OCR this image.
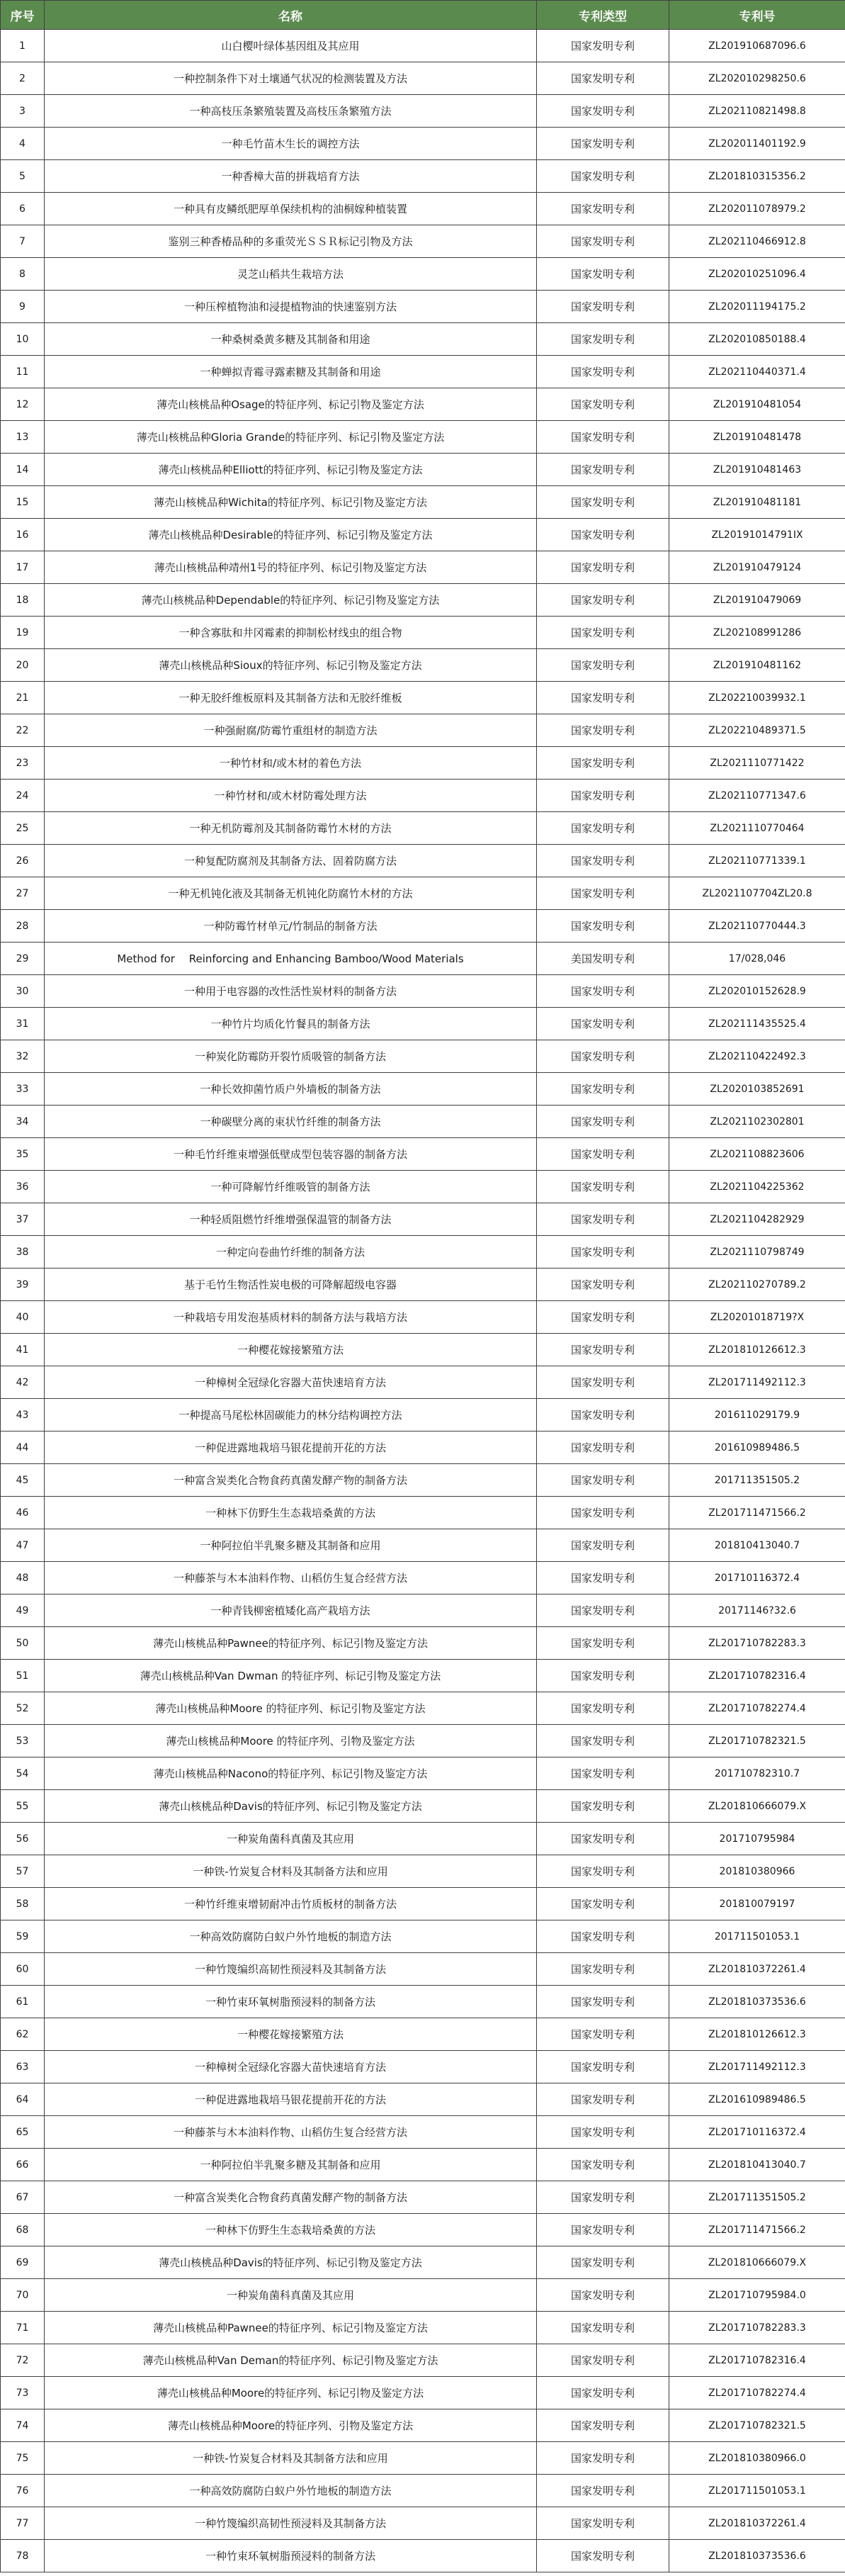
序号	名称	专利类型	专利号
1	山白樱叶绿体基因组及其应用	国家发明专利	ZL201910687096.6
2	一种控制条件下对土壤通气状况的检测装置及方法	国家发明专利	ZL202010298250.6
3	一种高枝压条繁殖装置及高枝压条繁殖方法	国家发明专利	ZL202110821498.8
4	一种毛竹苗木生长的调控方法	国家发明专利	ZL202011401192.9
5	一种香樟大苗的拼栽培育方法	国家发明专利	ZL201810315356.2
6	一种具有皮鳞纸肥厚单保续机构的油桐嫁种植装置	国家发明专利	ZL202011078979.2
7	鉴别三种香椿品种的多重荧光ＳＳＲ标记引物及方法	国家发明专利	ZL202110466912.8
8	灵芝山稻共生栽培方法	国家发明专利	ZL202010251096.4
9	一种压榨植物油和浸提植物油的快速鉴别方法	国家发明专利	ZL202011194175.2
10	一种桑树桑黄多糖及其制备和用途	国家发明专利	ZL202010850188.4
11	一种蝉拟青霉寻露素糖及其制备和用途	国家发明专利	ZL202110440371.4
12	薄壳山核桃品种Osage的特征序列、标记引物及鉴定方法	国家发明专利	ZL201910481054
13	薄壳山核桃品种Gloria Grande的特征序列、标记引物及鉴定方法	国家发明专利	ZL201910481478
14	薄壳山核桃品种Elliott的特征序列、标记引物及鉴定方法	国家发明专利	ZL201910481463
15	薄壳山核桃品种Wichita的特征序列、标记引物及鉴定方法	国家发明专利	ZL201910481181
16	薄壳山核桃品种Desirable的特征序列、标记引物及鉴定方法	国家发明专利	ZL20191014791IX
17	薄壳山核桃品种靖州1号的特征序列、标记引物及鉴定方法	国家发明专利	ZL201910479124
18	薄壳山核桃品种Dependable的特征序列、标记引物及鉴定方法	国家发明专利	ZL201910479069
19	一种含寡肽和井冈霉素的抑制松材线虫的组合物	国家发明专利	ZL202108991286
20	薄壳山核桃品种Sioux的特征序列、标记引物及鉴定方法	国家发明专利	ZL201910481162
21	一种无胶纤维板原料及其制备方法和无胶纤维板	国家发明专利	ZL202210039932.1
22	一种强耐腐/防霉竹重组材的制造方法	国家发明专利	ZL202210489371.5
23	一种竹材和/或木材的着色方法	国家发明专利	ZL2021110771422
24	一种竹材和/或木材防霉处理方法	国家发明专利	ZL202110771347.6
25	一种无机防霉剂及其制备防霉竹木材的方法	国家发明专利	ZL2021110770464
26	一种复配防腐剂及其制备方法、固着防腐方法	国家发明专利	ZL202110771339.1
27	一种无机钝化液及其制备无机钝化防腐竹木材的方法	国家发明专利	ZL2021107704ZL20.8
28	一种防霉竹材单元/竹制品的制备方法	国家发明专利	ZL202110770444.3
29	Method for　 Reinforcing and Enhancing Bamboo/Wood Materials	美国发明专利	17/028,046
30	一种用于电容器的改性活性炭材料的制备方法	国家发明专利	ZL202010152628.9
31	一种竹片均质化竹餐具的制备方法	国家发明专利	ZL202111435525.4
32	一种炭化防霉防开裂竹质吸管的制备方法	国家发明专利	ZL202110422492.3
33	一种长效抑菌竹质户外墙板的制备方法	国家发明专利	ZL2020103852691
34	一种碳壁分离的束状竹纤维的制备方法	国家发明专利	ZL2021102302801
35	一种毛竹纤维束增强低壁成型包装容器的制备方法	国家发明专利	ZL2021108823606
36	一种可降解竹纤维吸管的制备方法	国家发明专利	ZL2021104225362
37	一种轻质阻燃竹纤维增强保温管的制备方法	国家发明专利	ZL2021104282929
38	一种定向卷曲竹纤维的制备方法	国家发明专利	ZL2021110798749
39	基于毛竹生物活性炭电极的可降解超级电容器	国家发明专利	ZL202110270789.2
40	一种栽培专用发泡基质材料的制备方法与栽培方法	国家发明专利	ZL20201018719?X
41	一种樱花嫁接繁殖方法	国家发明专利	ZL201810126612.3
42	一种樟树全冠绿化容器大苗快速培育方法	国家发明专利	ZL201711492112.3
43	一种提高马尾松林固碳能力的林分结构调控方法	国家发明专利	201611029179.9
44	一种促进露地栽培马银花提前开花的方法	国家发明专利	201610989486.5
45	一种富含炭类化合物食药真菌发酵产物的制备方法	国家发明专利	201711351505.2
46	一种林下仿野生生态栽培桑黄的方法	国家发明专利	ZL201711471566.2
47	一种阿拉伯半乳聚多糖及其制备和应用	国家发明专利	201810413040.7
48	一种藤茶与木本油料作物、山稻仿生复合经营方法	国家发明专利	201710116372.4
49	一种青钱柳密植矮化高产栽培方法	国家发明专利	20171146?32.6
50	薄壳山核桃品种Pawnee的特征序列、标记引物及鉴定方法	国家发明专利	ZL201710782283.3
51	薄壳山核桃品种Van Dwman 的特征序列、标记引物及鉴定方法	国家发明专利	ZL201710782316.4
52	薄壳山核桃品种Moore 的特征序列、标记引物及鉴定方法	国家发明专利	ZL201710782274.4
53	薄壳山核桃品种Moore 的特征序列、引物及鉴定方法	国家发明专利	ZL201710782321.5
54	薄壳山核桃品种Nacono的特征序列、标记引物及鉴定方法	国家发明专利	201710782310.7
55	薄壳山核桃品种Davis的特征序列、标记引物及鉴定方法	国家发明专利	ZL201810666079.X
56	一种炭角菌科真菌及其应用	国家发明专利	201710795984
57	一种铁-竹炭复合材料及其制备方法和应用	国家发明专利	201810380966
58	一种竹纤维束增韧耐冲击竹质板材的制备方法	国家发明专利	201810079197
59	一种高效防腐防白蚁户外竹地板的制造方法	国家发明专利	201711501053.1
60	一种竹篾编织高韧性预浸料及其制备方法	国家发明专利	ZL201810372261.4
61	一种竹束环氧树脂预浸料的制备方法	国家发明专利	ZL201810373536.6
62	一种樱花嫁接繁殖方法	国家发明专利	ZL201810126612.3
63	一种樟树全冠绿化容器大苗快速培育方法	国家发明专利	ZL201711492112.3
64	一种促进露地栽培马银花提前开花的方法	国家发明专利	ZL201610989486.5
65	一种藤茶与木本油料作物、山稻仿生复合经营方法	国家发明专利	ZL201710116372.4
66	一种阿拉伯半乳聚多糖及其制备和应用	国家发明专利	ZL201810413040.7
67	一种富含炭类化合物食药真菌发酵产物的制备方法	国家发明专利	ZL201711351505.2
68	一种林下仿野生生态栽培桑黄的方法	国家发明专利	ZL201711471566.2
69	薄壳山核桃品种Davis的特征序列、标记引物及鉴定方法	国家发明专利	ZL201810666079.X
70	一种炭角菌科真菌及其应用	国家发明专利	ZL201710795984.0
71	薄壳山核桃品种Pawnee的特征序列、标记引物及鉴定方法	国家发明专利	ZL201710782283.3
72	薄壳山核桃品种Van Deman的特征序列、标记引物及鉴定方法	国家发明专利	ZL201710782316.4
73	薄壳山核桃品种Moore的特征序列、标记引物及鉴定方法	国家发明专利	ZL201710782274.4
74	薄壳山核桃品种Moore的特征序列、引物及鉴定方法	国家发明专利	ZL201710782321.5
75	一种铁-竹炭复合材料及其制备方法和应用	国家发明专利	ZL201810380966.0
76	一种高效防腐防白蚁户外竹地板的制造方法	国家发明专利	ZL201711501053.1
77	一种竹篾编织高韧性预浸料及其制备方法	国家发明专利	ZL201810372261.4
78	一种竹束环氧树脂预浸料的制备方法	国家发明专利	ZL201810373536.6
